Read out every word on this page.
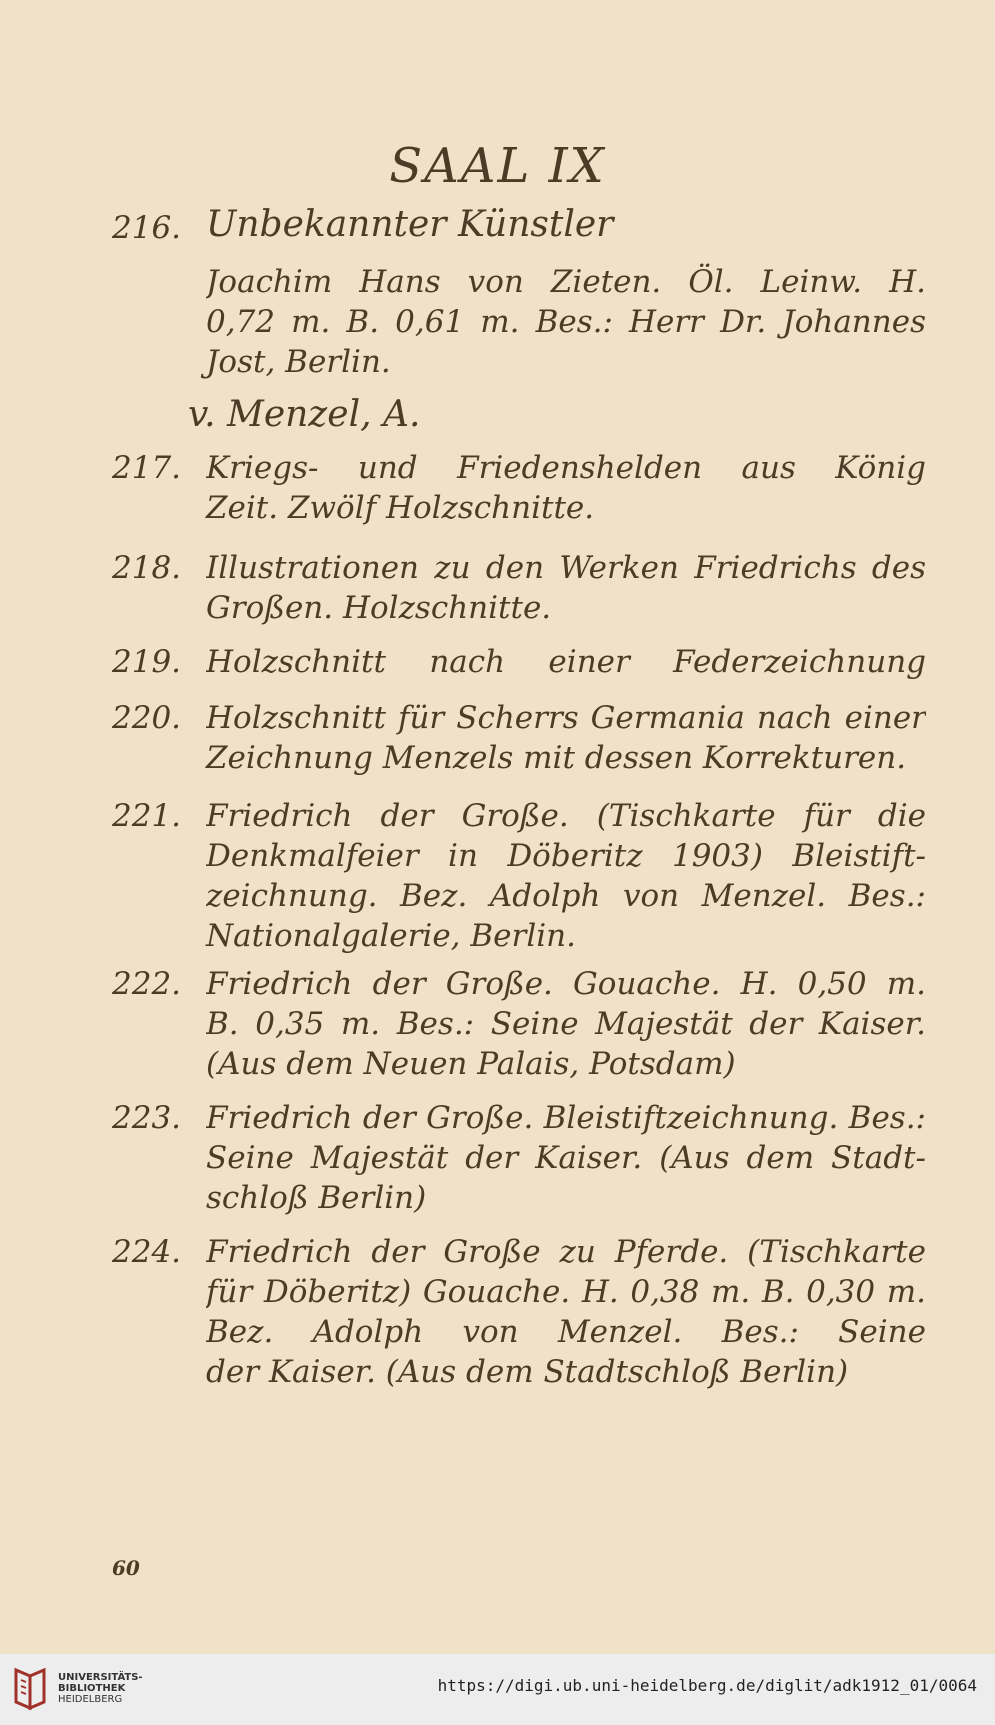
SAAL IX
216. Unbekannter Künstler
Joachim Hans von Zieten. Öl. Leinw. H.
0,72 m. B. 0,61 m. Bes.: Herr Dr. Johannes
Jost, Berlin.
v. Menzel, A.
217. Kriegs- und Friedenshelden aus König
Zeit. Zwölf Holzschnitte.
218. Illustrationen zu den Werken Friedrichs des
Großen. Holzschnitte.
219. Holzschnitt nach einer Federzeichnung
220. Holzschnitt für Scherrs Germania nach einer
Zeichnung Menzels mit dessen Korrekturen.
221. Friedrich der Große. (Tischkarte für die
Denkmalfeier in Döberitz 1903) Bleistift-
zeichnung. Bez. Adolph von Menzel. Bes.:
Nationalgalerie, Berlin.
222. Friedrich der Große. Gouache. H. 0,50 m.
B. 0,35 m. Bes.: Seine Majestät der Kaiser.
(Aus dem Neuen Palais, Potsdam)
223. Friedrich der Große. Bleistiftzeichnung. Bes.:
Seine Majestät der Kaiser. (Aus dem Stadt-
schloß Berlin)
224. Friedrich der Große zu Pferde. (Tischkarte
für Döberitz) Gouache. H. 0,38 m. B. 0,30 m.
Bez. Adolph von Menzel. Bes.: Seine
der Kaiser. (Aus dem Stadtschloß Berlin)
60
UNIVERSITÄTS-
BIBLIOTHEK
HEIDELBERG
https://digi.ub.uni-heidelberg.de/diglit/adk1912_01/0064
